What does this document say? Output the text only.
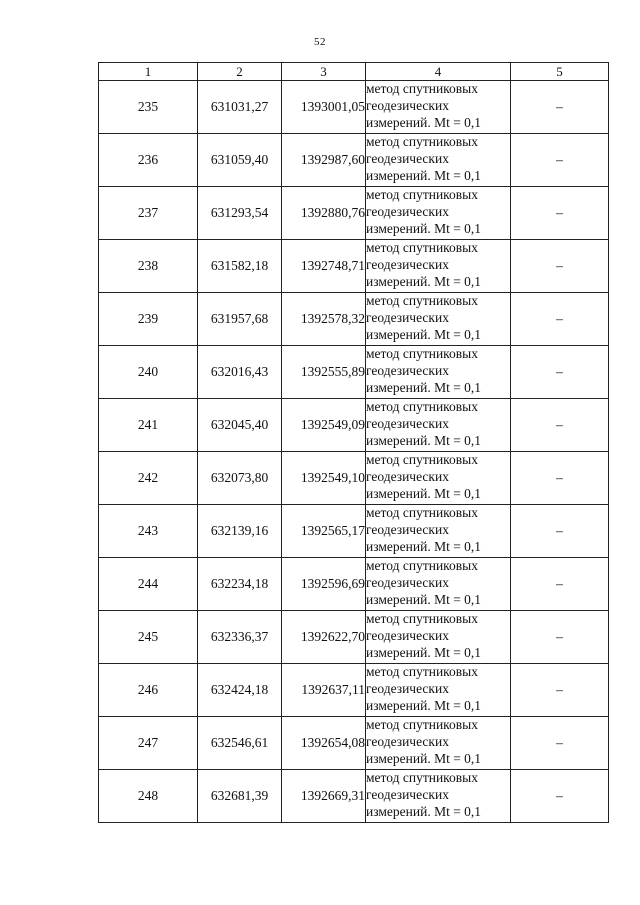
52
1	2	3	4	5
235	631031,27	1393001,05	метод спутниковых
геодезических
измерений. Mt = 0,1	–
236	631059,40	1392987,60	метод спутниковых
геодезических
измерений. Mt = 0,1	–
237	631293,54	1392880,76	метод спутниковых
геодезических
измерений. Mt = 0,1	–
238	631582,18	1392748,71	метод спутниковых
геодезических
измерений. Mt = 0,1	–
239	631957,68	1392578,32	метод спутниковых
геодезических
измерений. Mt = 0,1	–
240	632016,43	1392555,89	метод спутниковых
геодезических
измерений. Mt = 0,1	–
241	632045,40	1392549,09	метод спутниковых
геодезических
измерений. Mt = 0,1	–
242	632073,80	1392549,10	метод спутниковых
геодезических
измерений. Mt = 0,1	–
243	632139,16	1392565,17	метод спутниковых
геодезических
измерений. Mt = 0,1	–
244	632234,18	1392596,69	метод спутниковых
геодезических
измерений. Mt = 0,1	–
245	632336,37	1392622,70	метод спутниковых
геодезических
измерений. Mt = 0,1	–
246	632424,18	1392637,11	метод спутниковых
геодезических
измерений. Mt = 0,1	–
247	632546,61	1392654,08	метод спутниковых
геодезических
измерений. Mt = 0,1	–
248	632681,39	1392669,31	метод спутниковых
геодезических
измерений. Mt = 0,1	–
